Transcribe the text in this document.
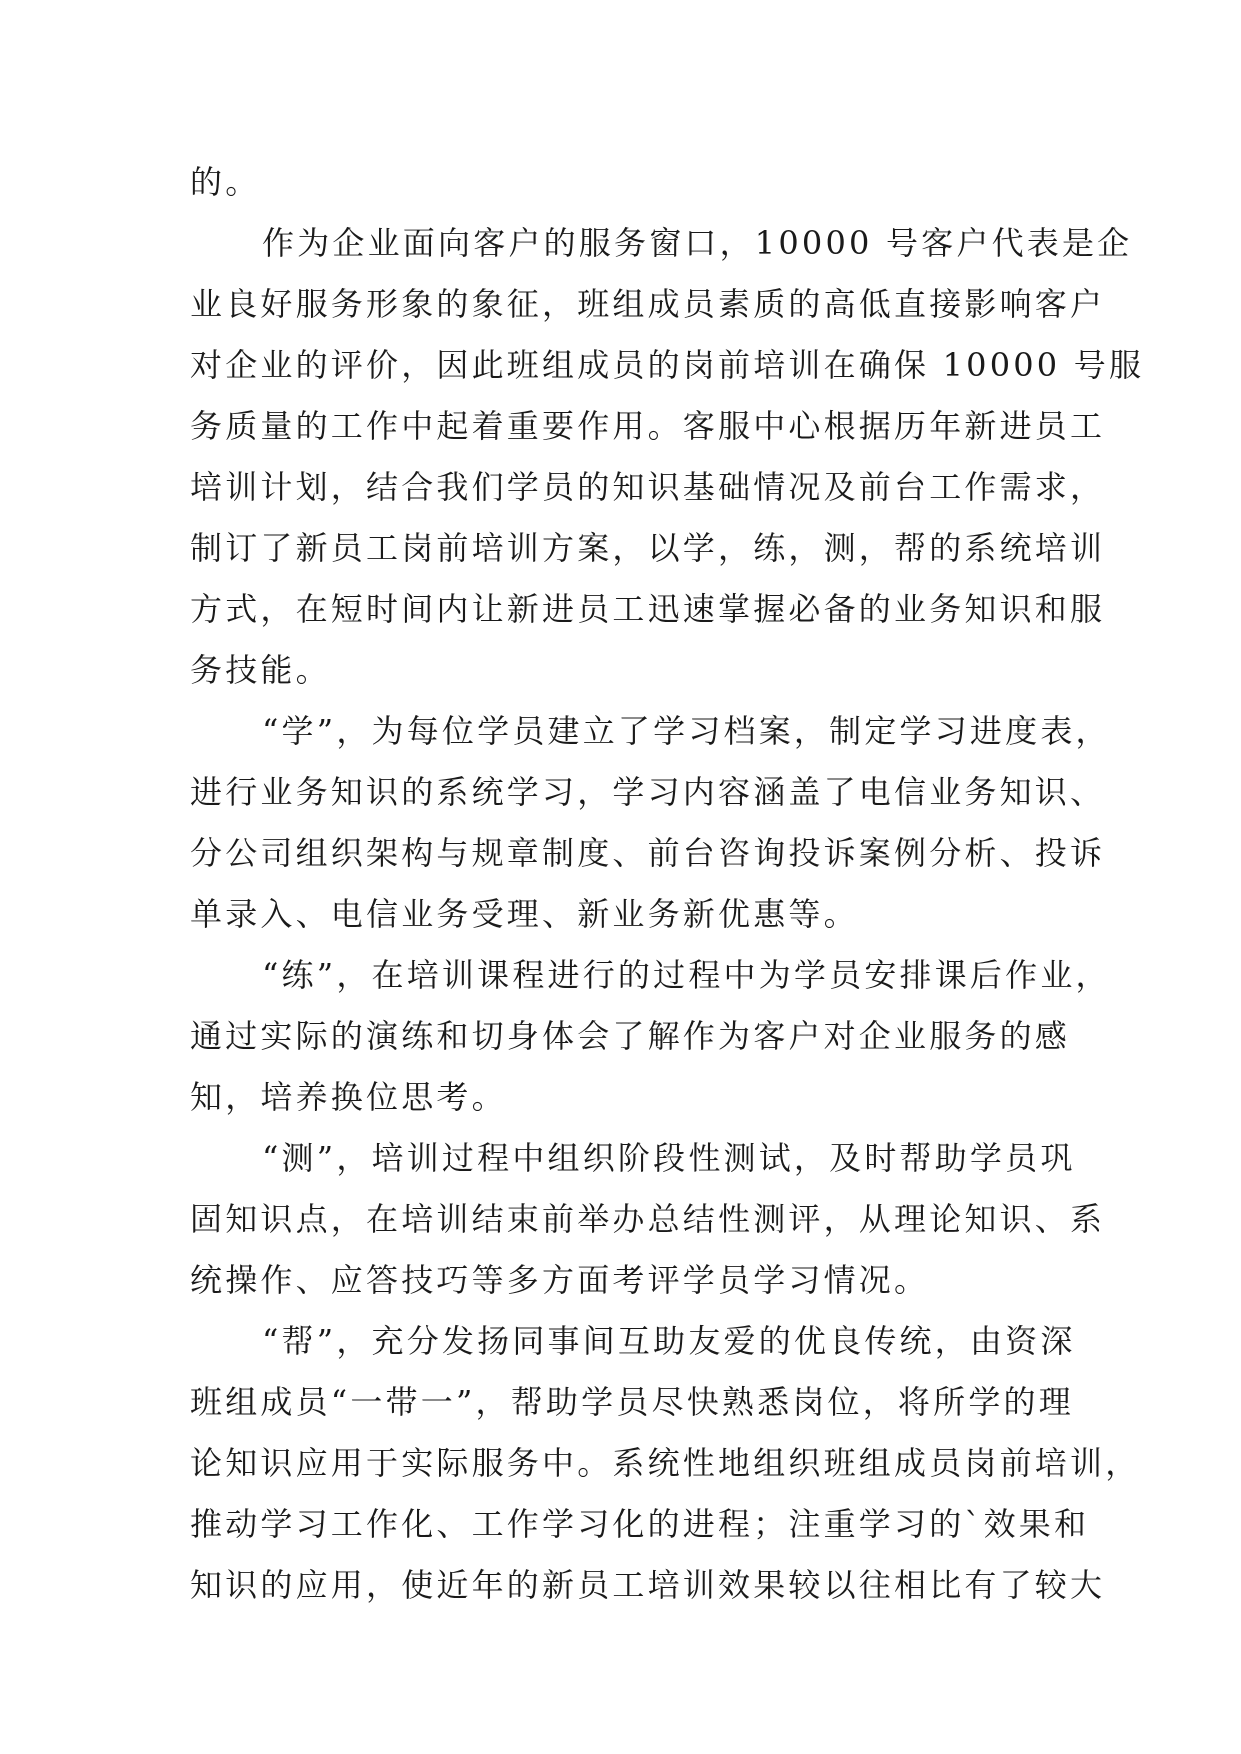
的。
作为企业面向客户的服务窗口，10000 号客户代表是企
业良好服务形象的象征，班组成员素质的高低直接影响客户
对企业的评价，因此班组成员的岗前培训在确保 10000 号服
务质量的工作中起着重要作用。客服中心根据历年新进员工
培训计划，结合我们学员的知识基础情况及前台工作需求，
制订了新员工岗前培训方案，以学，练，测，帮的系统培训
方式，在短时间内让新进员工迅速掌握必备的业务知识和服
务技能。
“学”，为每位学员建立了学习档案，制定学习进度表，
进行业务知识的系统学习，学习内容涵盖了电信业务知识、
分公司组织架构与规章制度、前台咨询投诉案例分析、投诉
单录入、电信业务受理、新业务新优惠等。
“练”，在培训课程进行的过程中为学员安排课后作业，
通过实际的演练和切身体会了解作为客户对企业服务的感
知，培养换位思考。
“测”，培训过程中组织阶段性测试，及时帮助学员巩
固知识点，在培训结束前举办总结性测评，从理论知识、系
统操作、应答技巧等多方面考评学员学习情况。
“帮”，充分发扬同事间互助友爱的优良传统，由资深
班组成员“一带一”，帮助学员尽快熟悉岗位，将所学的理
论知识应用于实际服务中。系统性地组织班组成员岗前培训，
推动学习工作化、工作学习化的进程；注重学习的`效果和
知识的应用，使近年的新员工培训效果较以往相比有了较大
